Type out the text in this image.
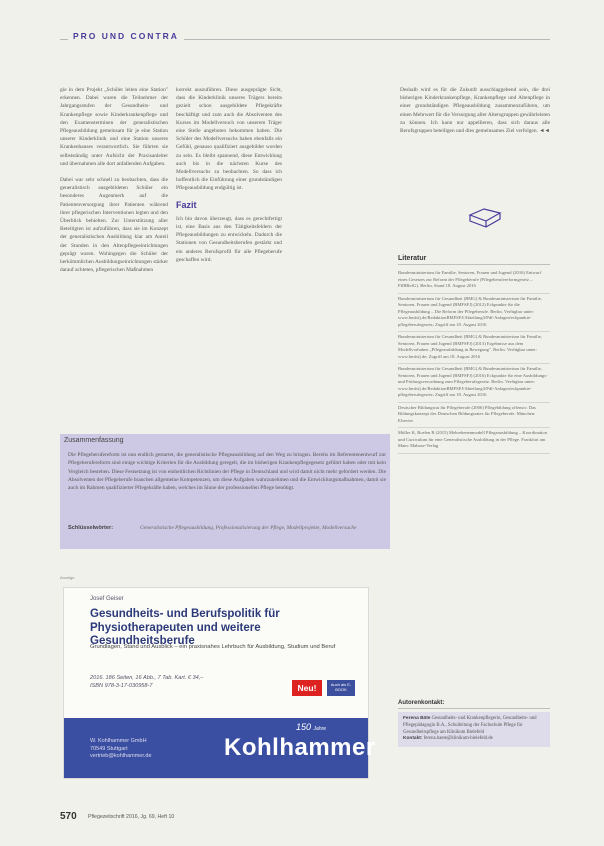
PRO UND CONTRA

gie in dem Projekt „Schüler leiten eine Station" erkennen. Dabei waren die Teilnehmer der Jahrgangsstufen der Gesundheits- und Krankenpflege sowie Kinderkrankenpflege und den Examensterminen der generalistischen Pflegeausbildung gemeinsam für je eine Station unserer Kinderklinik und eine Station unseres Krankenhauses verantwortlich. Sie führten sie selbstständig unter Aufsicht der Praxisanleiter und übernahmen alle dort anfallenden Aufgaben.

Dabei war sehr schnell zu beobachten, dass die generalistisch ausgebildeten Schüler ein besonderes Augenmerk auf die Patientenversorgung ihrer Patienten während ihrer pflegerischen Interventionen legten und den Überblick behielten. Zur Unterstützung aller Beteiligten ist aufzuführen, dass sie im Konzept der generalistischen Ausbildung klar am Anteil der Stunden in den Altenpflegeeinrichtungen geprägt waren. Wohingegen die Schüler der herkömmlichen Ausbildungseinrichtungen stärker darauf achteten, pflegerischen Maßnahmen

korrekt auszuführen. Diese ausgeprägte Sicht, dass die Kinderklinik unseres Trägers bereits gezielt schon ausgebildete Pflegekräfte beschäftigt und zum auch die Absolventen des Kurses im Modellversuch von unserem Träger eine Stelle angeboten bekommen haben. Die Schüler des Modellversuchs haben ebenfalls ein Gefühl, genauso qualifiziert ausgebildet worden zu sein. Es bleibt spannend, diese Entwicklung auch bis in die nächsten Kurse des Modellversuchs zu beobachten. So dass ich hoffentlich die Einführung einer grundständigen Pflegeausbildung endgültig ist.

Fazit

Ich bin davon überzeugt, dass es gerechtfertigt ist, eine Basis aus den Tätigkeitsfeldern der Pflegeausbildungen zu entwickeln. Dadurch die Stationen von Gesundheitsberufen gestärkt und ein anderes Berufsprofil für alle Pflegeberufe geschaffen wird.

Deshalb wird es für die Zukunft ausschlaggebend sein, die drei bisherigen Kinderkrankenpflege, Krankenpflege und Altenpflege in einer grundständigen Pflegeausbildung zusammenzuführen, um einen Mehrwert für die Versorgung aller Altersgruppen gewährleisten zu können. Ich kann nur appellieren, dass sich daraus alle Berufsgruppen beteiligen und dies gemeinsames Ziel verfolgen. ◄◄

Literatur
Bundesministerium für Familie, Senioren, Frauen und Jugend (2016) Entwurf eines Gesetzes zur Reform der Pflegeberufe (Pflegeberufereformgesetz – PflBRefG). Berlin, Stand 18. August 2016
Bundesministerium für Gesundheit (BMG) & Bundesministerium für Familie, Senioren, Frauen und Jugend (BMFSFJ) (2012) Eckpunkte für die Pflegeausbildung – Die Reform der Pflegeberufe. Berlin. Verfügbar unter: www.bmfsfj.de/RedaktionBMFSFJ/Abteilung3/Pdf-Anlagen/eckpunkte-pflegeberufegesetz; Zugriff am 18. August 2016
Bundesministerium für Gesundheit (BMG) & Bundesministerium für Familie, Senioren, Frauen und Jugend (BMFSFJ) (2013) Ergebnisse aus dem Modellvorhaben „Pflegeausbildung in Bewegung". Berlin. Verfügbar unter: www.bmfsfj.de; Zugriff am 18. August 2016
Bundesministerium für Gesundheit (BMG) & Bundesministerium für Familie, Senioren, Frauen und Jugend (BMFSFJ) (2016) Eckpunkte für eine Ausbildungs- und Prüfungsverordnung zum Pflegeberufegesetz. Berlin. Verfügbar unter: www.bmfsfj.de/RedaktionBMFSFJ/Abteilung3/Pdf-Anlagen/eckpunkte-pflegeberufegesetz; Zugriff am 18. August 2016
Deutscher Bildungsrat für Pflegeberufe (2006) Pflegebildung offensiv. Das Bildungskonzept des Deutschen Bildungsrates für Pflegeberufe. München: Elsevier
Müller K, Roelen R (2015) Mehrebenenmodell Pflegeausbildung – Koordination und Curriculum für eine Generalistische Ausbildung in der Pflege. Frankfurt am Main: Mabuse-Verlag
Zusammenfassung
Die Pflegeberufereform ist nun endlich gestartet, die generalistische Pflegeausbildung auf den Weg zu bringen. Bereits im Referentenentwurf zur Pflegeberufereform sind einige wichtige Kriterien für die Ausbildung geregelt, die im bisherigen Krankenpflegegesetz geführt haben oder mit kein Vergleich bestehen. Diese Festsetzung ist von einheitlichen Richtlinien der Pflege in Deutschland und wird damit nicht mehr gefordert werden. Die Absolventen der Pflegeberufe brauchen allgemeine Kompetenzen, um diese Aufgaben wahrzunehmen und die Entwicklungsmaßnahmen, damit sie auch im Rahmen qualifizierter Pflegekräfte haben, welches im Sinne der professionellen Pflege benötigt.
Schlüsselwörter:	Generalistische Pflegeausbildung, Professionalisierung der Pflege, Modellprojekte, Modellversuche
Anzeige
Josef Geiser
Gesundheits- und Berufspolitik für Physiotherapeuten und weitere Gesundheitsberufe
Grundlagen, Stand und Ausblick – ein praxisnahes Lehrbuch für Ausbildung, Studium und Beruf
2016. 186 Seiten, 16 Abb., 7 Tab. Kart. € 34,–
ISBN 978-3-17-030958-7	Neu!	Auch als E-BOOK
W. Kohlhammer GmbH
70549 Stuttgart
vertrieb@kohlhammer.de
150 Jahre
Kohlhammer
Autorenkontakt:
Ferena Bäte Gesundheits- und Krankenpflegerin, Gesundheits- und Pflegepädagogin B.A., Schulleitung der Fachschule Pflege für Gesundheitspflege am Klinikum Bielefeld
Kontakt: ferena.baete@klinikum-bielefeld.de
570 Pflegezeitschrift 2016, Jg. 69, Heft 10
